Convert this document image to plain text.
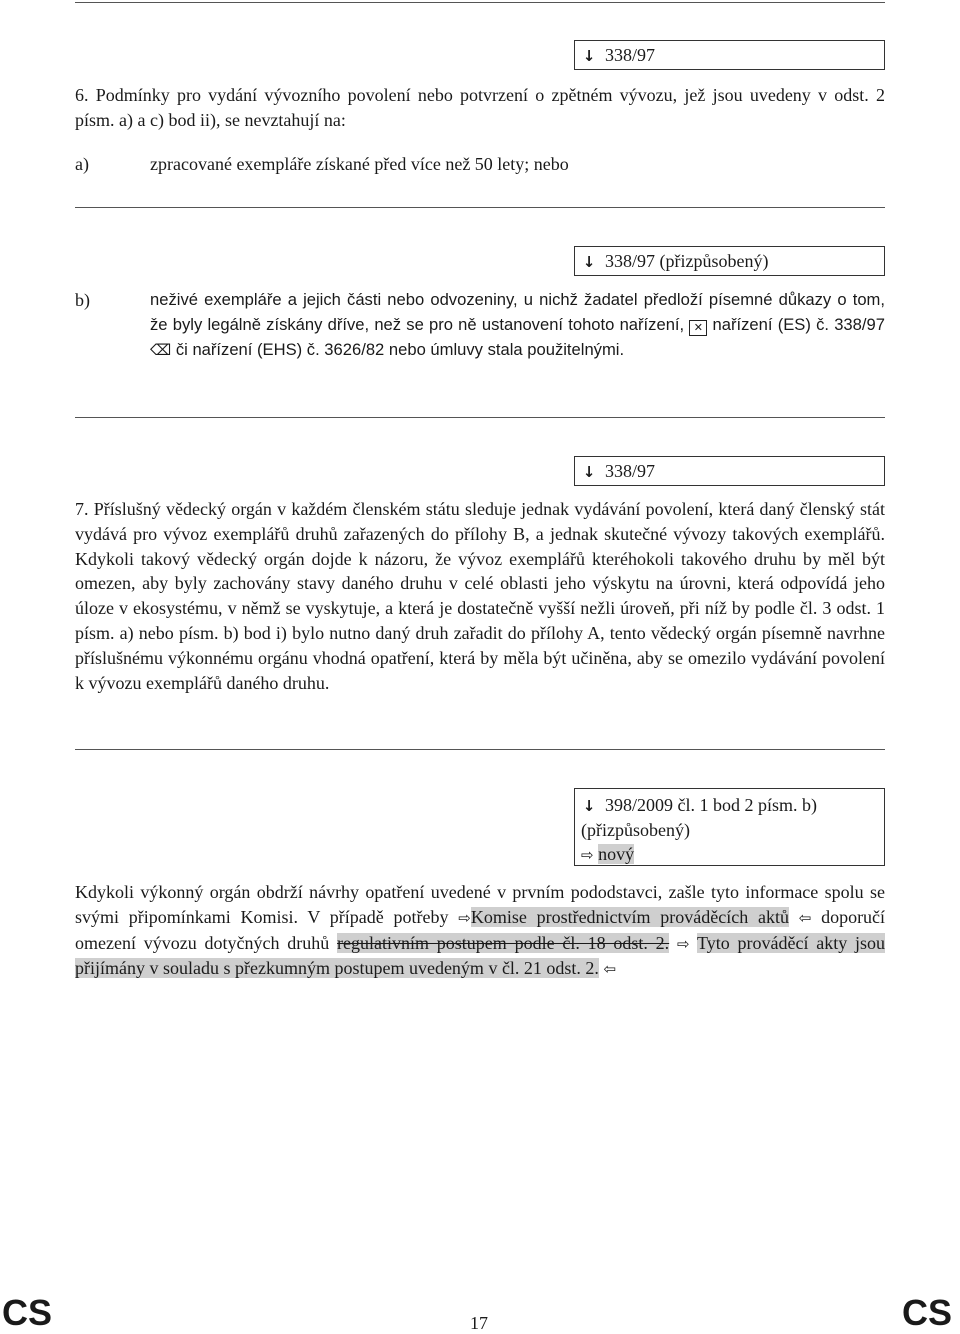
↓ 338/97
6. Podmínky pro vydání vývozního povolení nebo potvrzení o zpětném vývozu, jež jsou uvedeny v odst. 2 písm. a) a c) bod ii), se nevztahují na:
a)	zpracované exempláře získané před více než 50 lety; nebo
↓ 338/97 (přizpůsobený)
b)	neživé exempláře a jejich části nebo odvozeniny, u nichž žadatel předloží písemné důkazy o tom, že byly legálně získány dříve, než se pro ně ustanovení tohoto nařízení, ✕ nařízení (ES) č. 338/97 ⌫ či nařízení (EHS) č. 3626/82 nebo úmluvy stala použitelnými.
↓ 338/97
7. Příslušný vědecký orgán v každém členském státu sleduje jednak vydávání povolení, která daný členský stát vydává pro vývoz exemplářů druhů zařazených do přílohy B, a jednak skutečné vývozy takových exemplářů. Kdykoli takový vědecký orgán dojde k názoru, že vývoz exemplářů kteréhokoli takového druhu by měl být omezen, aby byly zachovány stavy daného druhu v celé oblasti jeho výskytu na úrovni, která odpovídá jeho úloze v ekosystému, v němž se vyskytuje, a která je dostatečně vyšší nežli úroveň, při níž by podle čl. 3 odst. 1 písm. a) nebo písm. b) bod i) bylo nutno daný druh zařadit do přílohy A, tento vědecký orgán písemně navrhne příslušnému výkonnému orgánu vhodná opatření, která by měla být učiněna, aby se omezilo vydávání povolení k vývozu exemplářů daného druhu.
↓ 398/2009 čl. 1 bod 2 písm. b)
(přizpůsobený)
⇨ nový
Kdykoli výkonný orgán obdrží návrhy opatření uvedené v prvním pododstavci, zašle tyto informace spolu se svými připomínkami Komisi. V případě potřeby ⇨Komise prostřednictvím prováděcích aktů ⇦ doporučí omezení vývozu dotyčných druhů regulativním postupem podle čl. 18 odst. 2. ⇨ Tyto prováděcí akty jsou přijímány v souladu s přezkumným postupem uvedeným v čl. 21 odst. 2. ⇦
CS	17	CS
